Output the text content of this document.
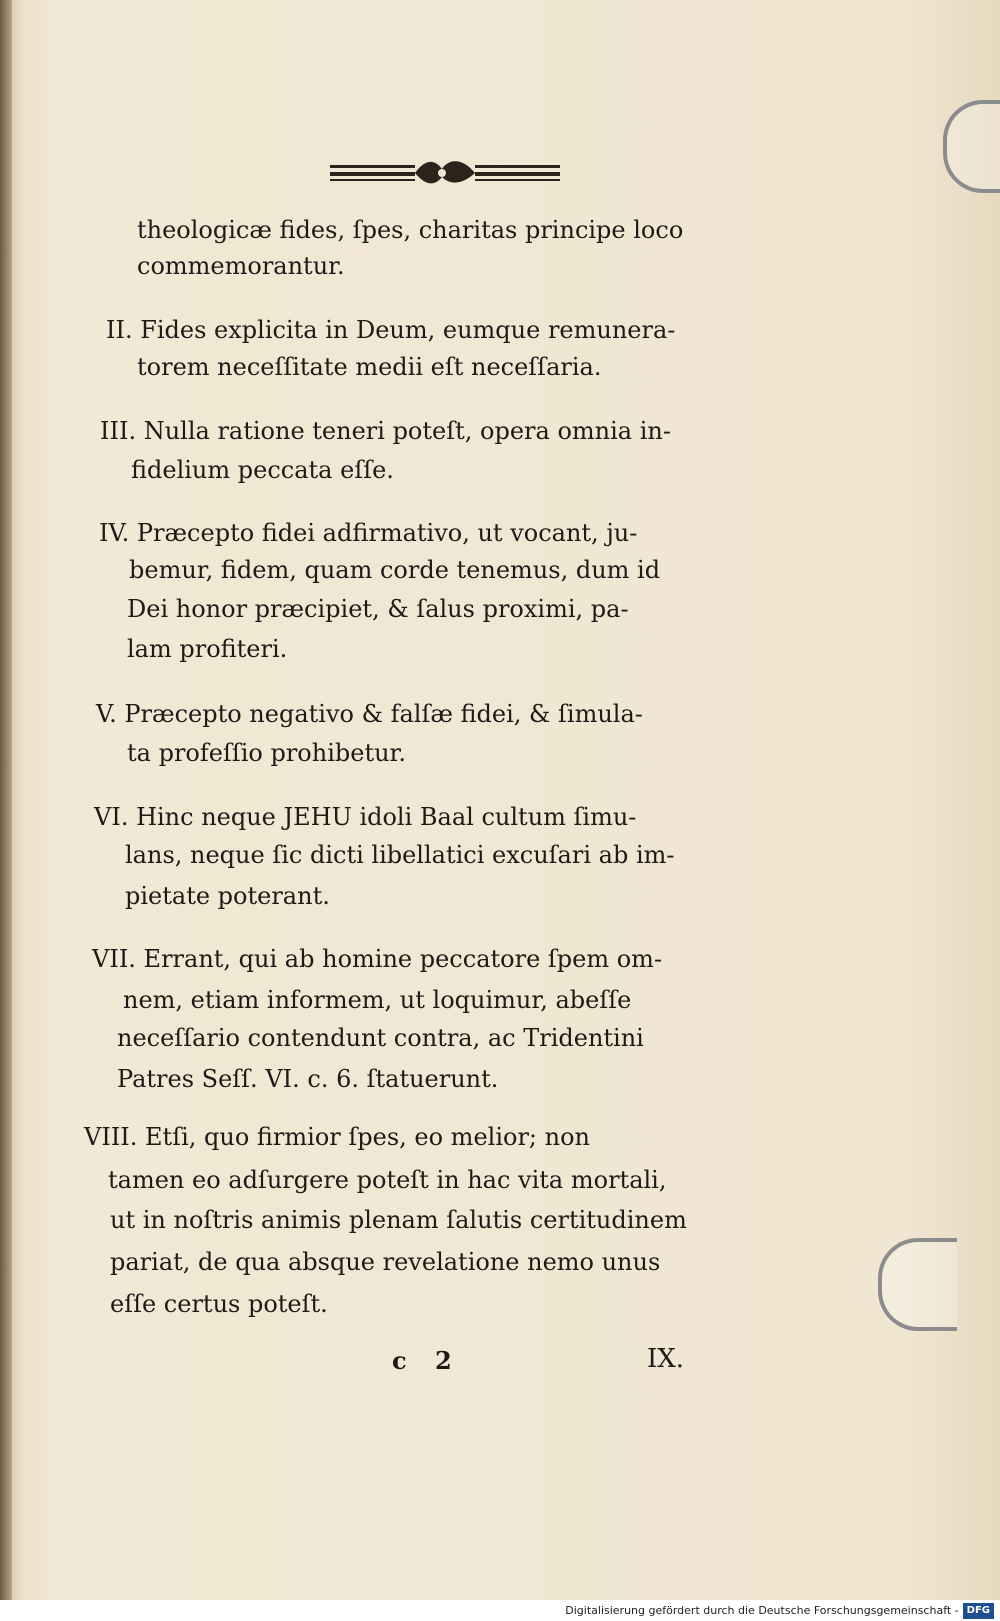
theologicæ fides, ſpes, charitas principe loco
commemorantur.
II. Fides explicita in Deum, eumque remunera-
torem neceſſitate medii eſt neceſſaria.
III. Nulla ratione teneri poteſt, opera omnia in-
fidelium peccata eſſe.
IV. Præcepto fidei adfirmativo, ut vocant, ju-
bemur, fidem, quam corde tenemus, dum id
Dei honor præcipiet, & ſalus proximi, pa-
lam profiteri.
V. Præcepto negativo & falſæ fidei, & ſimula-
ta profeſſio prohibetur.
VI. Hinc neque JEHU idoli Baal cultum ſimu-
lans, neque ſic dicti libellatici excuſari ab im-
pietate poterant.
VII. Errant, qui ab homine peccatore ſpem om-
nem, etiam informem, ut loquimur, abeſſe
neceſſario contendunt contra, ac Tridentini
Patres Seſſ. VI. c. 6. ſtatuerunt.
VIII. Etſi, quo firmior ſpes, eo melior; non
tamen eo adſurgere poteſt in hac vita mortali,
ut in noſtris animis plenam ſalutis certitudinem
pariat, de qua absque revelatione nemo unus
eſſe certus poteſt.
c 2	IX.
Digitalisierung gefördert durch die Deutsche Forschungsgemeinschaft - DFG
